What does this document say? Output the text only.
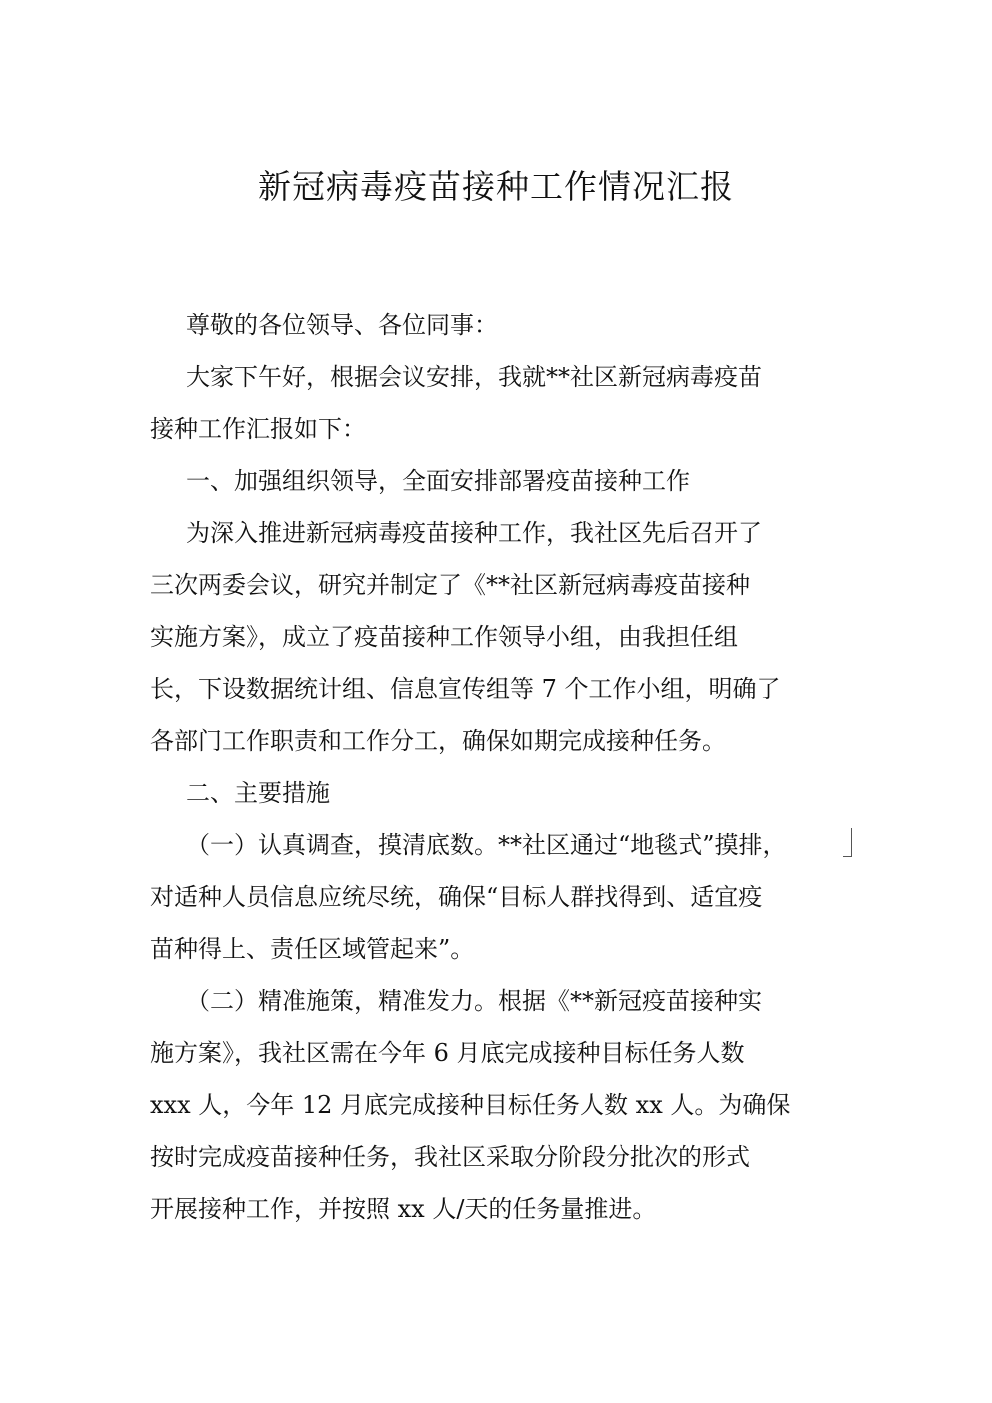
新冠病毒疫苗接种工作情况汇报
尊敬的各位领导、各位同事：
大家下午好，根据会议安排，我就**社区新冠病毒疫苗
接种工作汇报如下：
一、加强组织领导，全面安排部署疫苗接种工作
为深入推进新冠病毒疫苗接种工作，我社区先后召开了
三次两委会议，研究并制定了《**社区新冠病毒疫苗接种
实施方案》，成立了疫苗接种工作领导小组，由我担任组
长，下设数据统计组、信息宣传组等 7 个工作小组，明确了
各部门工作职责和工作分工，确保如期完成接种任务。
二、主要措施
（一）认真调查，摸清底数。**社区通过“地毯式”摸排，
对适种人员信息应统尽统，确保“目标人群找得到、适宜疫
苗种得上、责任区域管起来”。
（二）精准施策，精准发力。根据《**新冠疫苗接种实
施方案》，我社区需在今年 6 月底完成接种目标任务人数
xxx 人，今年 12 月底完成接种目标任务人数 xx 人。为确保
按时完成疫苗接种任务，我社区采取分阶段分批次的形式
开展接种工作，并按照 xx 人/天的任务量推进。
